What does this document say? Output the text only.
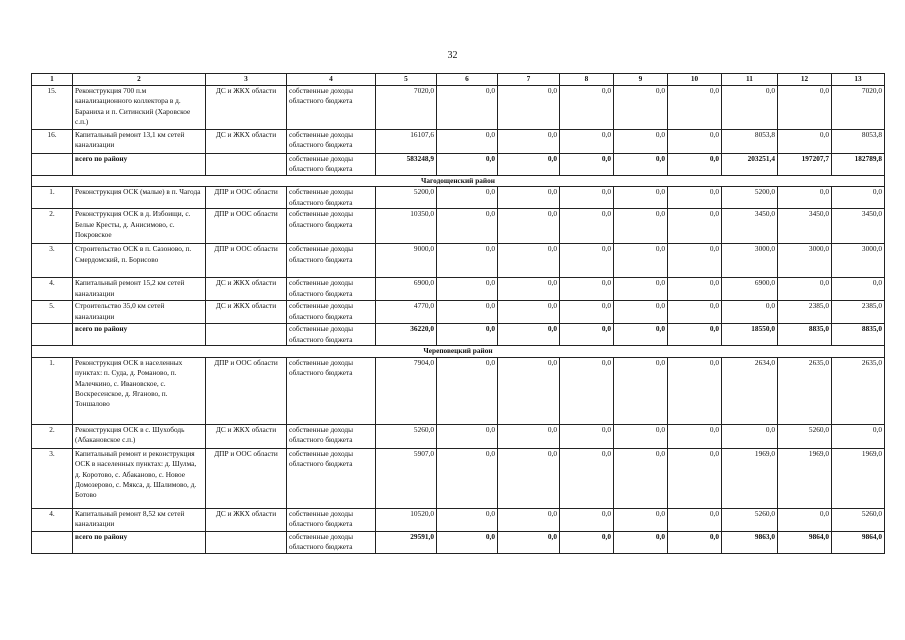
32
1	2	3	4	5	6	7	8	9	10	11	12	13
15.	Реконструкция 700 п.м канализационного коллектора в д. Бараниха и п. Ситинский (Харовское с.п.)	ДС и ЖКХ области	собственные доходы областного бюджета	7020,0	0,0	0,0	0,0	0,0	0,0	0,0	0,0	7020,0
16.	Капитальный ремонт 13,1 км сетей канализации	ДС и ЖКХ области	собственные доходы областного бюджета	16107,6	0,0	0,0	0,0	0,0	0,0	8053,8	0,0	8053,8
	всего по району		собственные доходы областного бюджета	583248,9	0,0	0,0	0,0	0,0	0,0	203251,4	197207,7	182789,8
Чагодощенский район												
1.	Реконструкция ОСК (малые) в п. Чагода	ДПР и ООС области	собственные доходы областного бюджета	5200,0	0,0	0,0	0,0	0,0	0,0	5200,0	0,0	0,0
2.	Реконструкция ОСК в д. Избоищи, с. Белые Кресты, д. Анисимово, с. Покровское	ДПР и ООС области	собственные доходы областного бюджета	10350,0	0,0	0,0	0,0	0,0	0,0	3450,0	3450,0	3450,0
3.	Строительство ОСК в п. Сазоново, п. Смердомский, п. Борисово	ДПР и ООС области	собственные доходы областного бюджета	9000,0	0,0	0,0	0,0	0,0	0,0	3000,0	3000,0	3000,0
4.	Капитальный ремонт 15,2 км сетей канализации	ДС и ЖКХ области	собственные доходы областного бюджета	6900,0	0,0	0,0	0,0	0,0	0,0	6900,0	0,0	0,0
5.	Строительство 35,0 км сетей канализации	ДС и ЖКХ области	собственные доходы областного бюджета	4770,0	0,0	0,0	0,0	0,0	0,0	0,0	2385,0	2385,0
	всего по району		собственные доходы областного бюджета	36220,0	0,0	0,0	0,0	0,0	0,0	18550,0	8835,0	8835,0
Череповецкий район												
1.	Реконструкция ОСК в населенных пунктах: п. Суда, д. Романово, п. Малечкино, с. Ивановское, с. Воскресенское, д. Яганово, п. Тоншалово	ДПР и ООС области	собственные доходы областного бюджета	7904,0	0,0	0,0	0,0	0,0	0,0	2634,0	2635,0	2635,0
2.	Реконструкция ОСК в с. Шухободь (Абакановское с.п.)	ДС и ЖКХ области	собственные доходы областного бюджета	5260,0	0,0	0,0	0,0	0,0	0,0	0,0	5260,0	0,0
3.	Капитальный ремонт и реконструкция ОСК в населенных пунктах: д. Шулма, д. Коротово, с. Абаканово, с. Новое Домозерово, с. Мякса, д. Шалимово, д. Ботово	ДПР и ООС области	собственные доходы областного бюджета	5907,0	0,0	0,0	0,0	0,0	0,0	1969,0	1969,0	1969,0
4.	Капитальный ремонт 8,52 км сетей канализации	ДС и ЖКХ области	собственные доходы областного бюджета	10520,0	0,0	0,0	0,0	0,0	0,0	5260,0	0,0	5260,0
	всего по району		собственные доходы областного бюджета	29591,0	0,0	0,0	0,0	0,0	0,0	9863,0	9864,0	9864,0
